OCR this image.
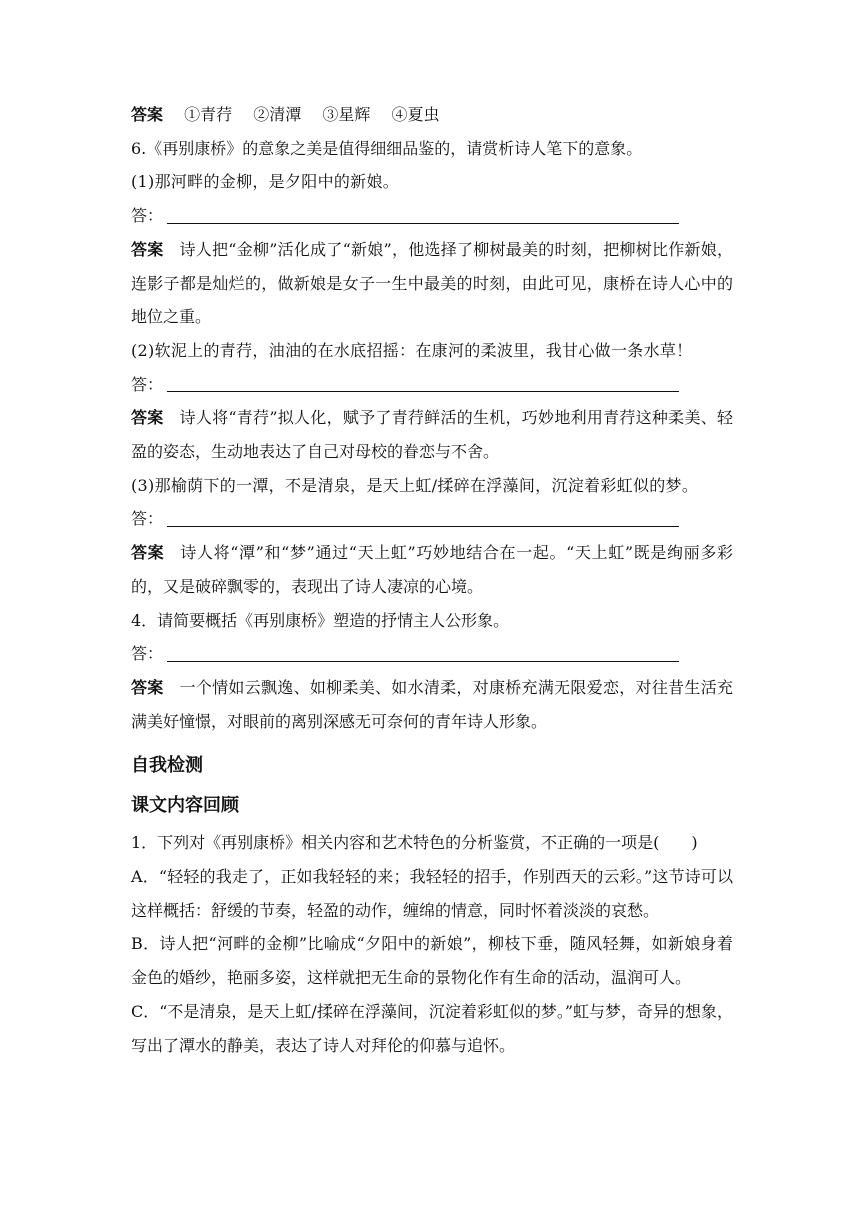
答案 ①青荇 ②清潭 ③星辉 ④夏虫
6.《再别康桥》的意象之美是值得细细品鉴的，请赏析诗人笔下的意象。
(1)那河畔的金柳，是夕阳中的新娘。
答：
答案 诗人把“金柳”活化成了“新娘”，他选择了柳树最美的时刻，把柳树比作新娘，连影子都是灿烂的，做新娘是女子一生中最美的时刻，由此可见，康桥在诗人心中的地位之重。
(2)软泥上的青荇，油油的在水底招摇：在康河的柔波里，我甘心做一条水草！
答：
答案 诗人将“青荇”拟人化，赋予了青荇鲜活的生机，巧妙地利用青荇这种柔美、轻盈的姿态，生动地表达了自己对母校的眷恋与不舍。
(3)那榆荫下的一潭，不是清泉，是天上虹/揉碎在浮藻间，沉淀着彩虹似的梦。
答：
答案 诗人将“潭”和“梦”通过“天上虹”巧妙地结合在一起。“天上虹”既是绚丽多彩的，又是破碎飘零的，表现出了诗人凄凉的心境。
4．请简要概括《再别康桥》塑造的抒情主人公形象。
答：
答案 一个情如云飘逸、如柳柔美、如水清柔，对康桥充满无限爱恋，对往昔生活充满美好憧憬，对眼前的离别深感无可奈何的青年诗人形象。
自我检测
课文内容回顾
1．下列对《再别康桥》相关内容和艺术特色的分析鉴赏，不正确的一项是(　　)
A．“轻轻的我走了，正如我轻轻的来；我轻轻的招手，作别西天的云彩。”这节诗可以这样概括：舒缓的节奏，轻盈的动作，缠绵的情意，同时怀着淡淡的哀愁。
B．诗人把“河畔的金柳”比喻成“夕阳中的新娘”，柳枝下垂，随风轻舞，如新娘身着金色的婚纱，艳丽多姿，这样就把无生命的景物化作有生命的活动，温润可人。
C．“不是清泉，是天上虹/揉碎在浮藻间，沉淀着彩虹似的梦。”虹与梦，奇异的想象，写出了潭水的静美，表达了诗人对拜伦的仰慕与追怀。
